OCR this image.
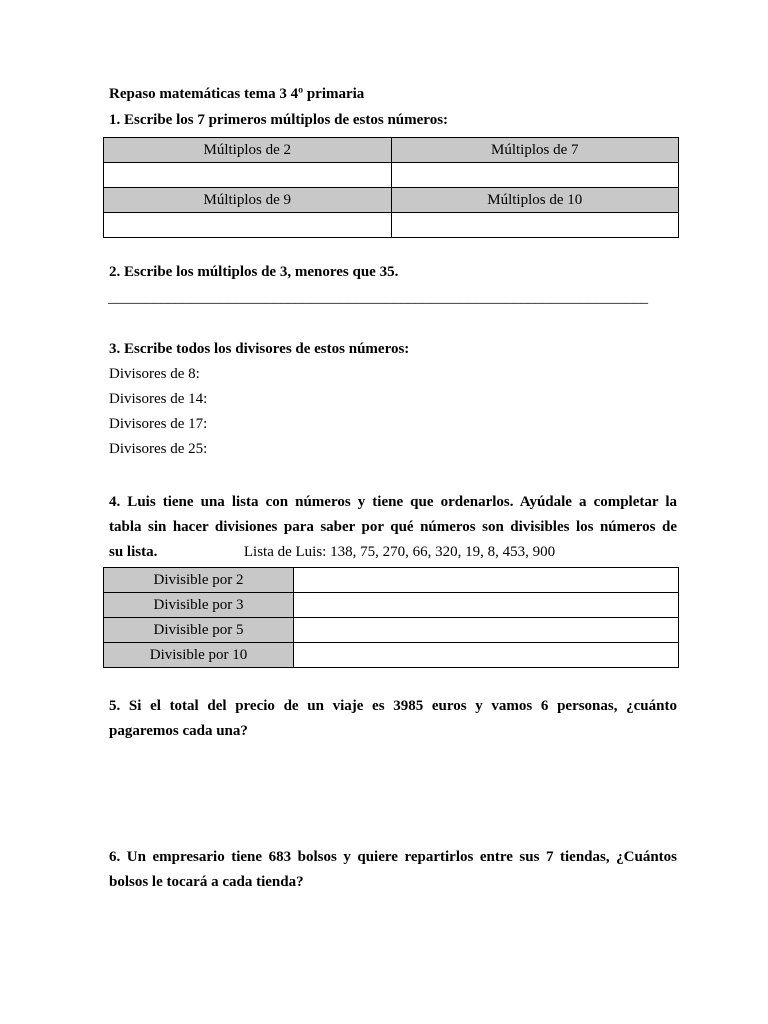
Repaso matemáticas tema 3 4º primaria
1. Escribe los 7 primeros múltiplos de estos números:
Múltiplos de 2	Múltiplos de 7

Múltiplos de 9	Múltiplos de 10

2. Escribe los múltiplos de 3, menores que 35.
________________________________________________________________________
3. Escribe todos los divisores de estos números:
Divisores de 8:
Divisores de 14:
Divisores de 17:
Divisores de 25:
4. Luis tiene una lista con números y tiene que ordenarlos. Ayúdale a completar la
tabla sin hacer divisiones para saber por qué números son divisibles los números de
su lista.	Lista de Luis: 138, 75, 270, 66, 320, 19, 8, 453, 900
Divisible por 2	
Divisible por 3	
Divisible por 5	
Divisible por 10	
5. Si el total del precio de un viaje es 3985 euros y vamos 6 personas, ¿cuánto
pagaremos cada una?
6. Un empresario tiene 683 bolsos y quiere repartirlos entre sus 7 tiendas, ¿Cuántos
bolsos le tocará a cada tienda?
